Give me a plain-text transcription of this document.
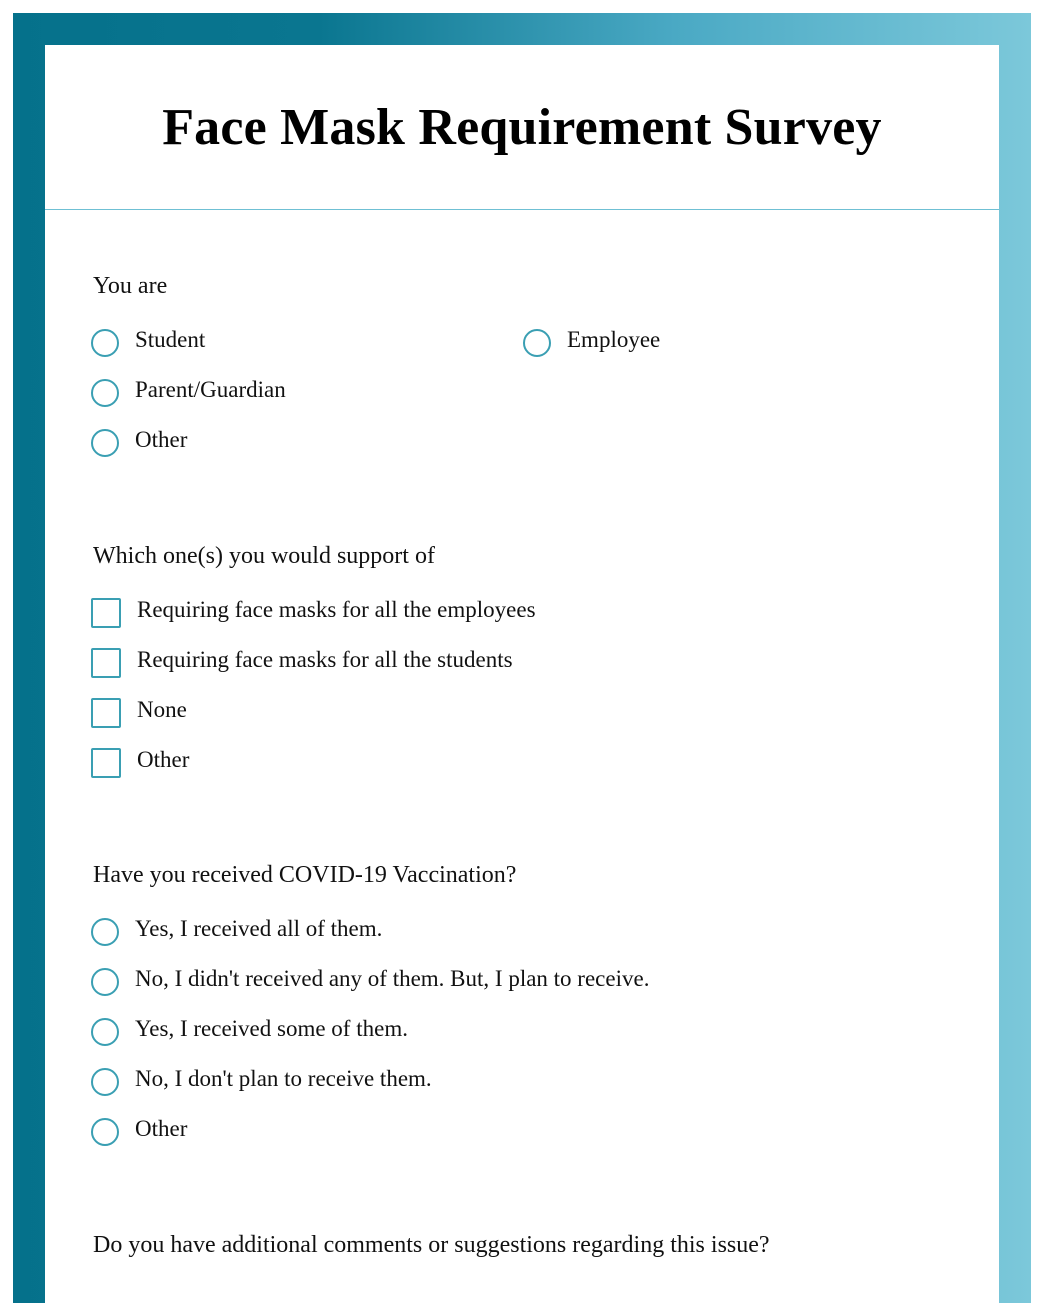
Face Mask Requirement Survey

You are

Student	Employee
Parent/Guardian
Other

Which one(s) you would support of

Requiring face masks for all the employees
Requiring face masks for all the students
None
Other

Have you received COVID-19 Vaccination?

Yes, I received all of them.
No, I didn't received any of them. But, I plan to receive.
Yes, I received some of them.
No, I don't plan to receive them.
Other

Do you have additional comments or suggestions regarding this issue?
